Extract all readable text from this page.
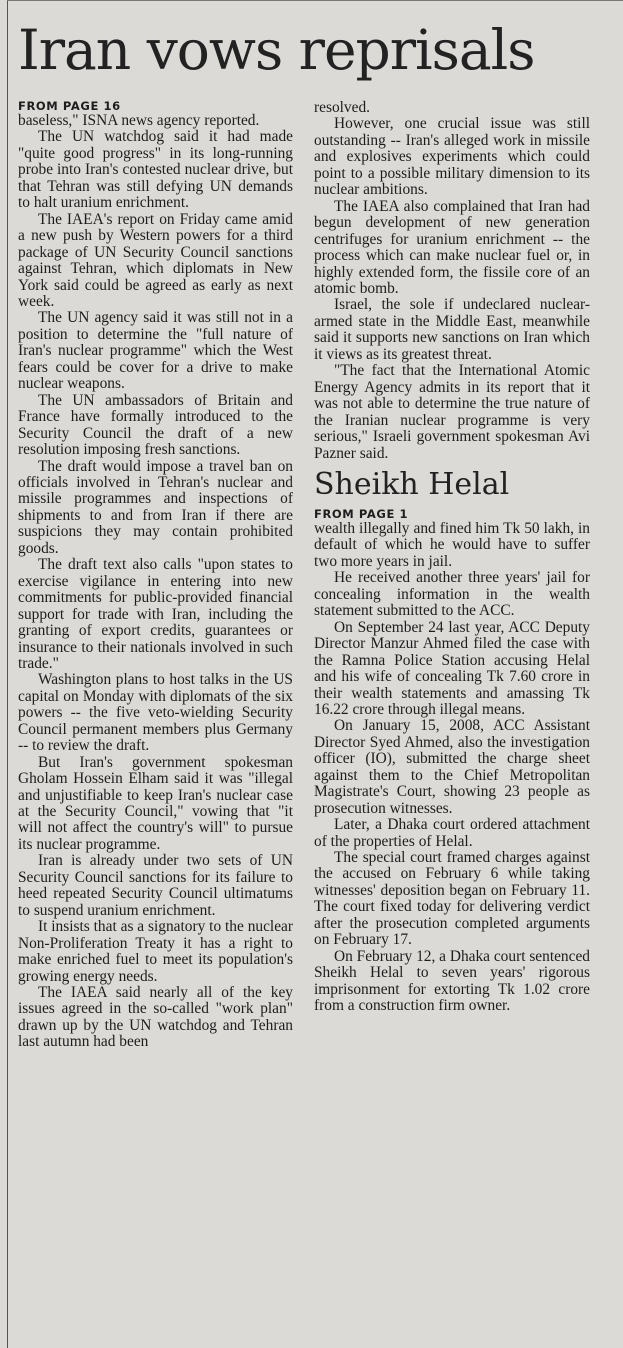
Iran vows reprisals
FROM PAGE 16

baseless," ISNA news agency reported.

The UN watchdog said it had made "quite good progress" in its long-running probe into Iran's contested nuclear drive, but that Tehran was still defying UN demands to halt uranium enrichment.

The IAEA's report on Friday came amid a new push by Western powers for a third package of UN Security Council sanctions against Tehran, which diplomats in New York said could be agreed as early as next week.

The UN agency said it was still not in a position to determine the "full nature of Iran's nuclear programme" which the West fears could be cover for a drive to make nuclear weapons.

The UN ambassadors of Britain and France have formally introduced to the Security Council the draft of a new resolution imposing fresh sanctions.

The draft would impose a travel ban on officials involved in Tehran's nuclear and missile programmes and inspections of shipments to and from Iran if there are suspicions they may contain prohibited goods.

The draft text also calls "upon states to exercise vigilance in entering into new commitments for public-provided financial support for trade with Iran, including the granting of export credits, guarantees or insurance to their nationals involved in such trade."

Washington plans to host talks in the US capital on Monday with diplomats of the six powers -- the five veto-wielding Security Council permanent members plus Germany -- to review the draft.

But Iran's government spokesman Gholam Hossein Elham said it was "illegal and unjustifiable to keep Iran's nuclear case at the Security Council," vowing that "it will not affect the country's will" to pursue its nuclear programme.

Iran is already under two sets of UN Security Council sanctions for its failure to heed repeated Security Council ultimatums to suspend uranium enrichment.

It insists that as a signatory to the nuclear Non-Proliferation Treaty it has a right to make enriched fuel to meet its population's growing energy needs.

The IAEA said nearly all of the key issues agreed in the so-called "work plan" drawn up by the UN watchdog and Tehran last autumn had been

resolved.

However, one crucial issue was still outstanding -- Iran's alleged work in missile and explosives experiments which could point to a possible military dimension to its nuclear ambitions.

The IAEA also complained that Iran had begun development of new generation centrifuges for uranium enrichment -- the process which can make nuclear fuel or, in highly extended form, the fissile core of an atomic bomb.

Israel, the sole if undeclared nuclear-armed state in the Middle East, meanwhile said it supports new sanctions on Iran which it views as its greatest threat.

"The fact that the International Atomic Energy Agency admits in its report that it was not able to determine the true nature of the Iranian nuclear programme is very serious," Israeli government spokesman Avi Pazner said.

Sheikh Helal
FROM PAGE 1

wealth illegally and fined him Tk 50 lakh, in default of which he would have to suffer two more years in jail.

He received another three years' jail for concealing information in the wealth statement submitted to the ACC.

On September 24 last year, ACC Deputy Director Manzur Ahmed filed the case with the Ramna Police Station accusing Helal and his wife of concealing Tk 7.60 crore in their wealth statements and amassing Tk 16.22 crore through illegal means.

On January 15, 2008, ACC Assistant Director Syed Ahmed, also the investigation officer (IO), submitted the charge sheet against them to the Chief Metropolitan Magistrate's Court, showing 23 people as prosecution witnesses.

Later, a Dhaka court ordered attachment of the properties of Helal.

The special court framed charges against the accused on February 6 while taking witnesses' deposition began on February 11. The court fixed today for delivering verdict after the prosecution completed arguments on February 17.

On February 12, a Dhaka court sentenced Sheikh Helal to seven years' rigorous imprisonment for extorting Tk 1.02 crore from a construction firm owner.
